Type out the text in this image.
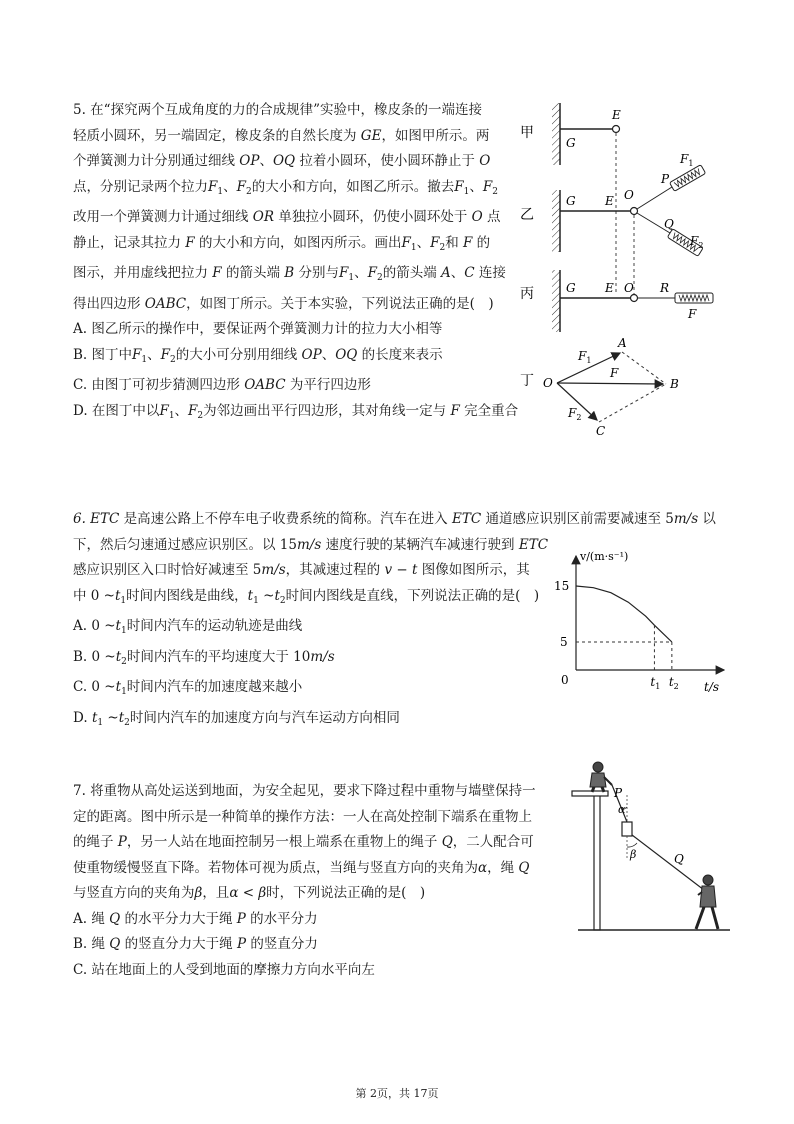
5. 在“探究两个互成角度的力的合成规律”实验中，橡皮条的一端连接

轻质小圆环，另一端固定，橡皮条的自然长度为 GE，如图甲所示。两

个弹簧测力计分别通过细线 OP、OQ 拉着小圆环，使小圆环静止于 O

点，分别记录两个拉力$F_1$、$F_2$的大小和方向，如图乙所示。撤去$F_1$、$F_2$

改用一个弹簧测力计通过细线 OR 单独拉小圆环，仍使小圆环处于 O 点

静止，记录其拉力 F 的大小和方向，如图丙所示。画出$F_1$、$F_2$和 F 的

图示，并用虚线把拉力 F 的箭头端 B 分别与$F_1$、$F_2$的箭头端 A、C 连接

得出四边形 OABC，如图丁所示。关于本实验，下列说法正确的是(　)

A. 图乙所示的操作中，要保证两个弹簧测力计的拉力大小相等

B. 图丁中$F_1$、$F_2$的大小可分别用细线 OP、OQ 的长度来表示

C. 由图丁可初步猜测四边形 OABC 为平行四边形

D. 在图丁中以$F_1$、$F_2$为邻边画出平行四边形，其对角线一定与 F 完全重合

甲
乙
丙
丁
G
E
G E O
P
$F_1$
Q
$F_2$
G E O R
F
O
A
B
C
$F_1$
F
$F_2$

6. ETC 是高速公路上不停车电子收费系统的简称。汽车在进入 ETC 通道感应识别区前需要减速至 5m/s 以

下，然后匀速通过感应识别区。以 15m/s 速度行驶的某辆汽车减速行驶到 ETC

感应识别区入口时恰好减速至 5m/s，其减速过程的 v − t 图像如图所示，其

中 0 $\sim t_1$时间内图线是曲线，$t_1$ $\sim t_2$时间内图线是直线，下列说法正确的是(　)

A. 0 $\sim t_1$时间内汽车的运动轨迹是曲线

B. 0 $\sim t_2$时间内汽车的平均速度大于 10m/s

C. 0 $\sim t_1$时间内汽车的加速度越来越小

D. $t_1$ $\sim t_2$时间内汽车的加速度方向与汽车运动方向相同

v/(m·s⁻¹)
t/s
0
15
5
$t_1$ $t_2$

7. 将重物从高处运送到地面，为安全起见，要求下降过程中重物与墙壁保持一

定的距离。图中所示是一种简单的操作方法：一人在高处控制下端系在重物上

的绳子 P，另一人站在地面控制另一根上端系在重物上的绳子 Q，二人配合可

使重物缓慢竖直下降。若物体可视为质点，当绳与竖直方向的夹角为α，绳 Q

与竖直方向的夹角为β，且α < β时，下列说法正确的是(　)

A. 绳 Q 的水平分力大于绳 P 的水平分力

B. 绳 Q 的竖直分力大于绳 P 的竖直分力

C. 站在地面上的人受到地面的摩擦力方向水平向左

P
α
β	Q
第 2页，共 17页
